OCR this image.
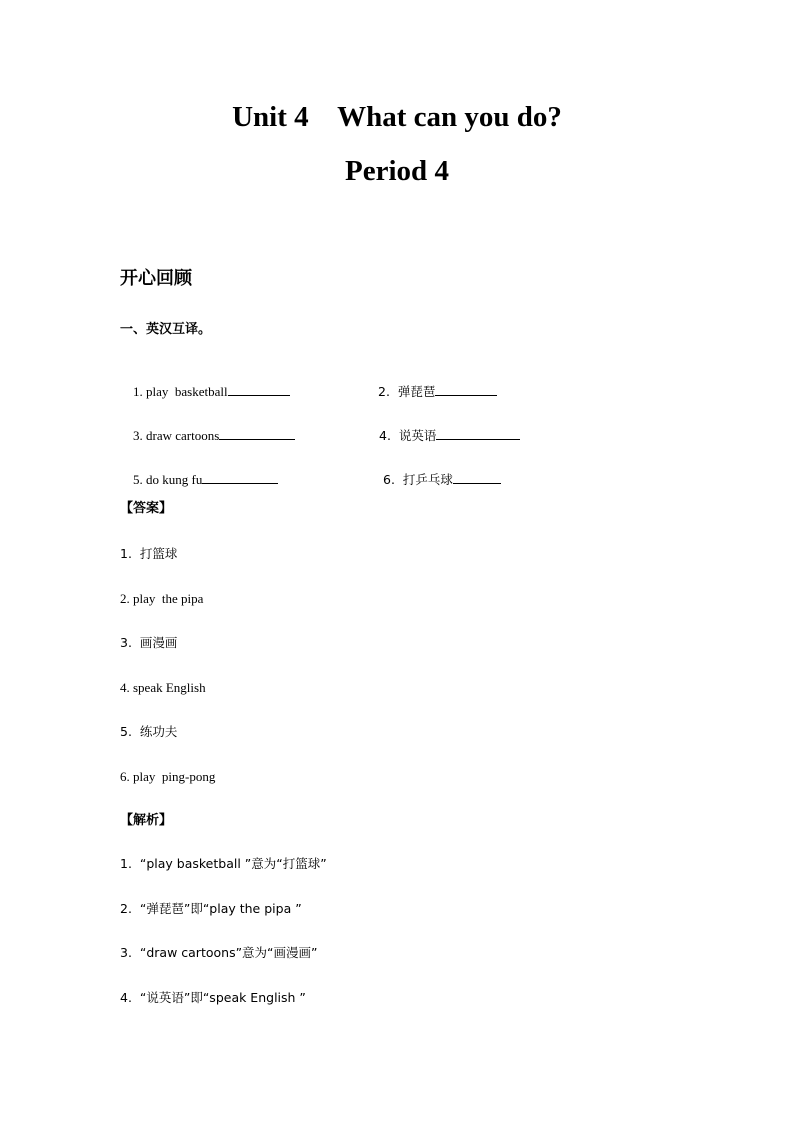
Unit 4    What can you do?
Period 4
开心回顾
一、英汉互译。

1. play  basketball
	2.  弹琵琶

3. draw cartoons
	4.  说英语

5. do kung fu
	6.  打乒乓球

【答案】
1.  打篮球
2. play  the pipa
3.  画漫画
4. speak English
5.  练功夫
6. play  ping-pong
【解析】
1.  “play basketball ”意为“打篮球”
2.  “弹琵琶”即“play the pipa ”
3.  “draw cartoons”意为“画漫画”
4.  “说英语”即“speak English ”
